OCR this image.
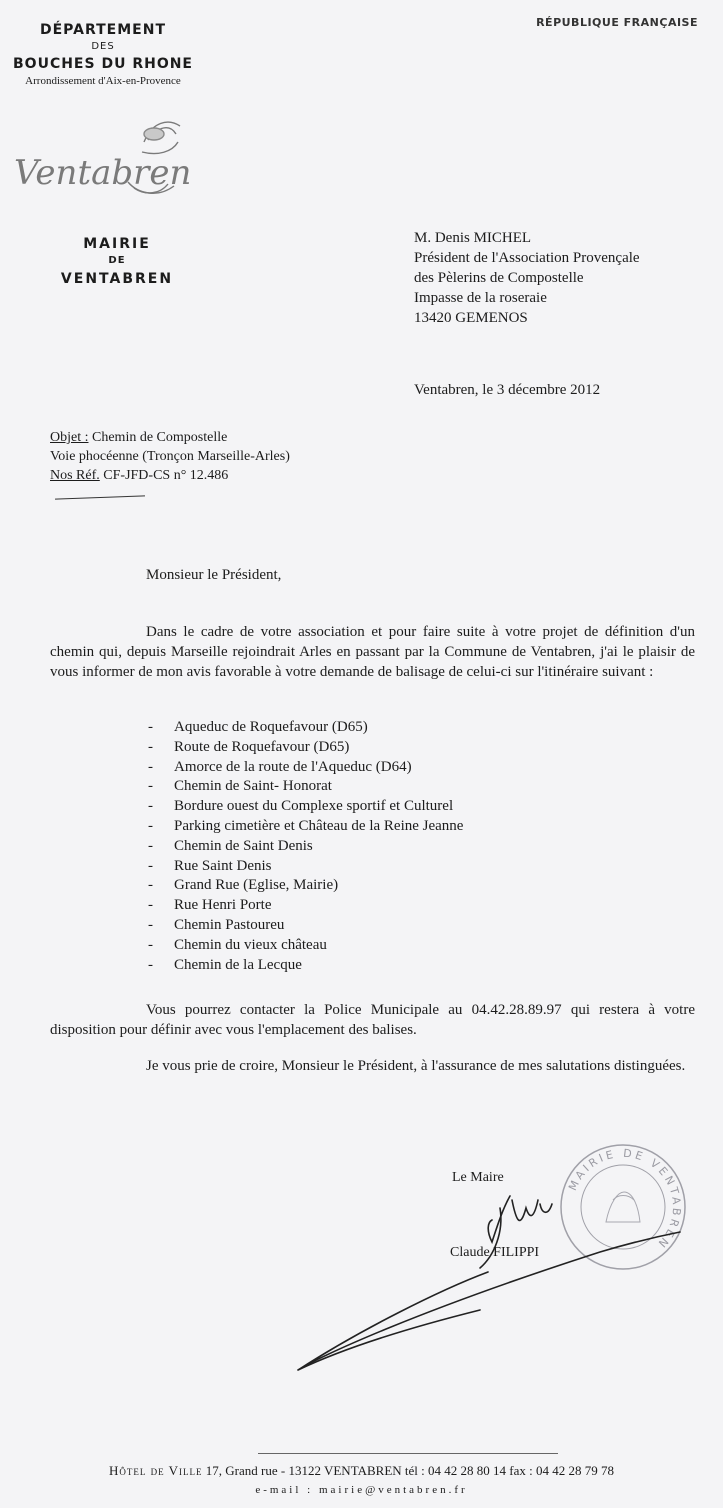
DÉPARTEMENT
DES
BOUCHES DU RHONE
Arrondissement d'Aix-en-Provence
RÉPUBLIQUE FRANÇAISE
Ventabren
MAIRIE
DE
VENTABREN
M. Denis MICHEL
Président de l'Association Provençale
des Pèlerins de Compostelle
Impasse de la roseraie
13420 GEMENOS
Ventabren, le 3 décembre 2012
Objet : Chemin de Compostelle
Voie phocéenne (Tronçon Marseille-Arles)
Nos Réf. CF-JFD-CS n° 12.486
Monsieur le Président,
Dans le cadre de votre association et pour faire suite à votre projet de définition d'un chemin qui, depuis Marseille rejoindrait Arles en passant par la Commune de Ventabren, j'ai le plaisir de vous informer de mon avis favorable à votre demande de balisage de celui-ci sur l'itinéraire suivant :
- Aqueduc de Roquefavour (D65)
- Route de Roquefavour (D65)
- Amorce de la route de l'Aqueduc (D64)
- Chemin de Saint- Honorat
- Bordure ouest du Complexe sportif et Culturel
- Parking cimetière et Château de la Reine Jeanne
- Chemin de Saint Denis
- Rue Saint Denis
- Grand Rue (Eglise, Mairie)
- Rue Henri Porte
- Chemin Pastoureu
- Chemin du vieux château
- Chemin de la Lecque
Vous pourrez contacter la Police Municipale au 04.42.28.89.97 qui restera à votre disposition pour définir avec vous l'emplacement des balises.
Je vous prie de croire, Monsieur le Président, à l'assurance de mes salutations distinguées.
MAIRIE DE VENTABREN
Le Maire
Claude FILIPPI
Hôtel de Ville 17, Grand rue - 13122 VENTABREN tél : 04 42 28 80 14 fax : 04 42 28 79 78
e-mail : mairie@ventabren.fr
